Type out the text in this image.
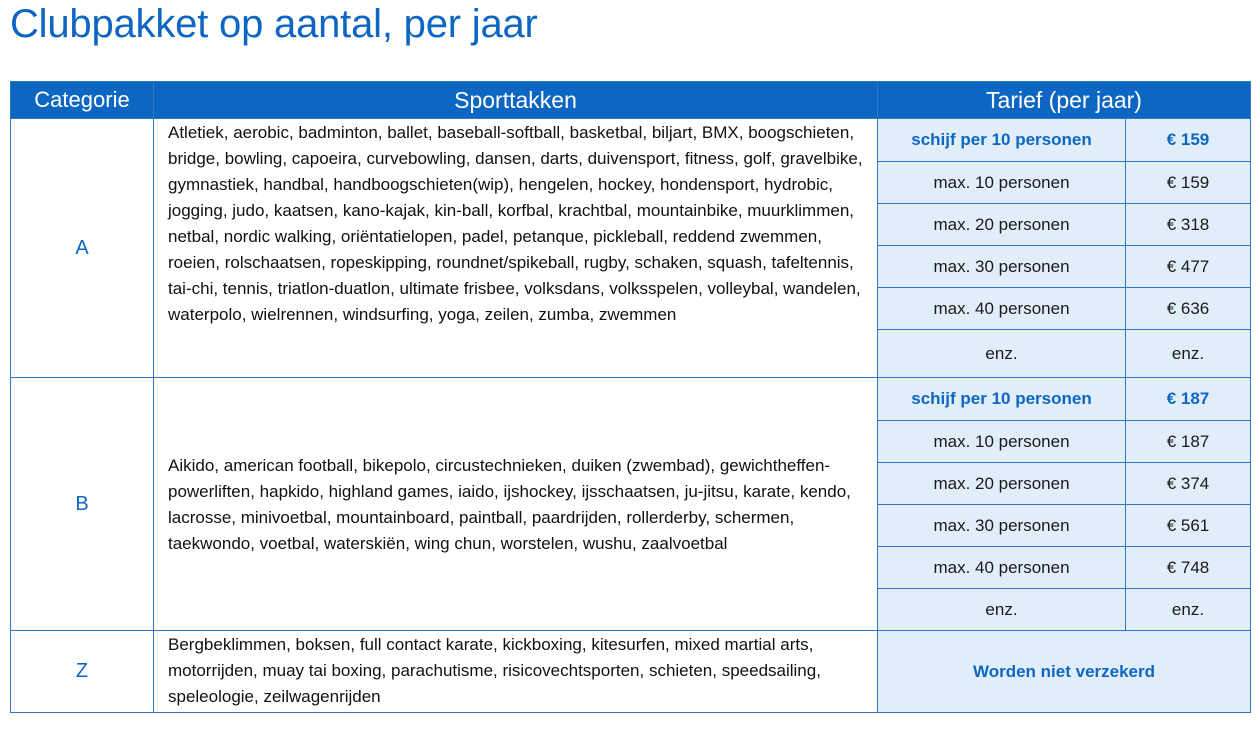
Clubpakket op aantal, per jaar
Categorie	Sporttakken	Tarief (per jaar)	
A	Atletiek, aerobic, badminton, ballet, baseball-softball, basketbal, biljart, BMX, boogschieten, bridge, bowling, capoeira, curvebowling, dansen, darts, duivensport, fitness, golf, gravelbike, gymnastiek, handbal, handboogschieten(wip), hengelen, hockey, hondensport, hydrobic, jogging, judo, kaatsen, kano-kajak, kin-ball, korfbal, krachtbal, mountainbike, muurklimmen, netbal, nordic walking, oriëntatielopen, padel, petanque, pickleball, reddend zwemmen, roeien, rolschaatsen, ropeskipping, roundnet/spikeball, rugby, schaken, squash, tafeltennis, tai-chi, tennis, triatlon-duatlon, ultimate frisbee, volksdans, volksspelen, volleybal, wandelen, waterpolo, wielrennen, windsurfing, yoga, zeilen, zumba, zwemmen	schijf per 10 personen	€ 159
		max. 10 personen	€ 159
		max. 20 personen	€ 318
		max. 30 personen	€ 477
		max. 40 personen	€ 636
		enz.	enz.
B	Aikido, american football, bikepolo, circustechnieken, duiken (zwembad), gewichtheffen-powerliften, hapkido, highland games, iaido, ijshockey, ijsschaatsen, ju-jitsu, karate, kendo, lacrosse, minivoetbal, mountainboard, paintball, paardrijden, rollerderby, schermen, taekwondo, voetbal, waterskiën, wing chun, worstelen, wushu, zaalvoetbal	schijf per 10 personen	€ 187
		max. 10 personen	€ 187
		max. 20 personen	€ 374
		max. 30 personen	€ 561
		max. 40 personen	€ 748
		enz.	enz.
Z	Bergbeklimmen, boksen, full contact karate, kickboxing, kitesurfen, mixed martial arts, motorrijden, muay tai boxing, parachutisme, risicovechtsporten, schieten, speedsailing, speleologie, zeilwagenrijden	Worden niet verzekerd	
